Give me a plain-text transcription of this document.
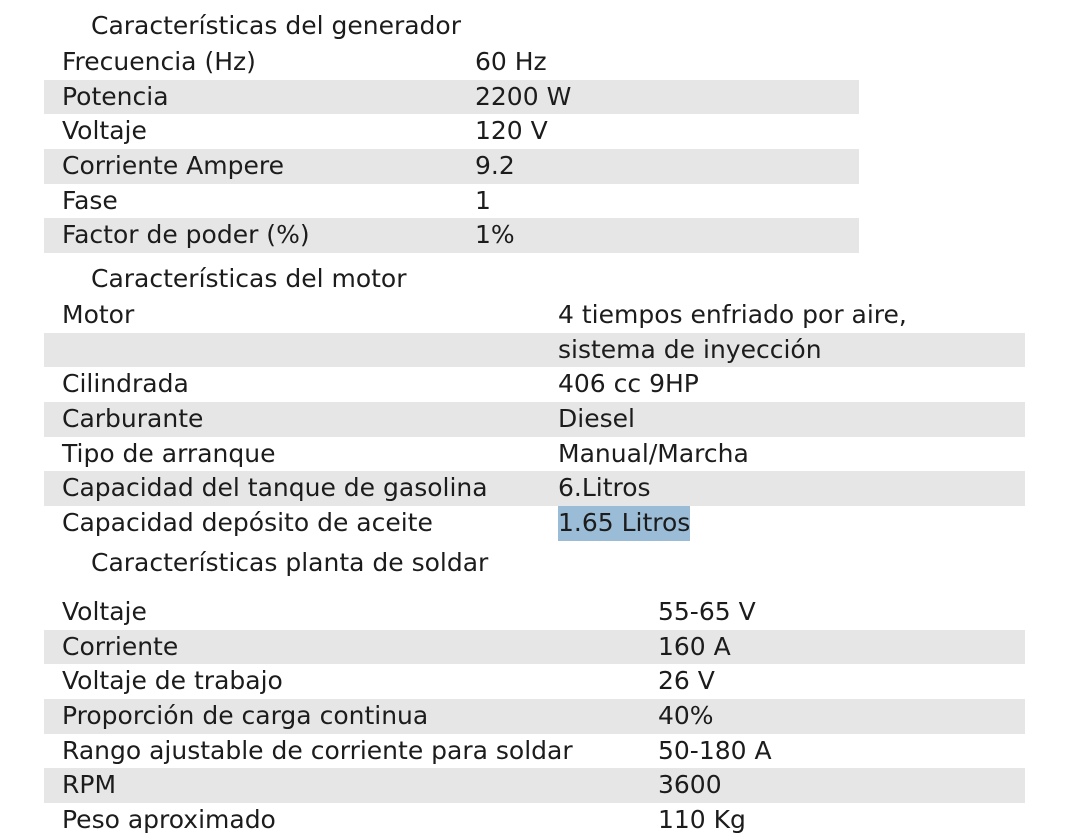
Características del generador
Frecuencia (Hz)	60 Hz
Potencia	2200 W
Voltaje	120 V
Corriente Ampere	9.2
Fase	1
Factor de poder (%)	1%
Características del motor
Motor	4 tiempos enfriado por aire,
sistema de inyección
Cilindrada	406 cc 9HP
Carburante	Diesel
Tipo de arranque	Manual/Marcha
Capacidad del tanque de gasolina	6.Litros
Capacidad depósito de aceite	1.65 Litros
Características planta de soldar
Voltaje	55-65 V
Corriente	160 A
Voltaje de trabajo	26 V
Proporción de carga continua	40%
Rango ajustable de corriente para soldar	50-180 A
RPM	3600
Peso aproximado	110 Kg
